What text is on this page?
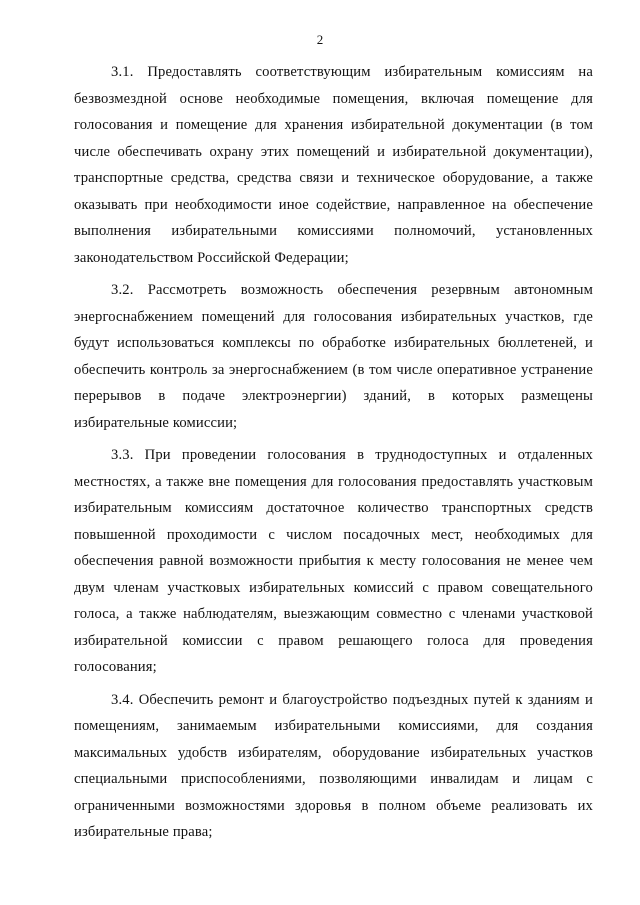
2

3.1. Предоставлять соответствующим избирательным комиссиям на безвозмездной основе необходимые помещения, включая помещение для голосования и помещение для хранения избирательной документации (в том числе обеспечивать охрану этих помещений и избирательной документации), транспортные средства, средства связи и техническое оборудование, а также оказывать при необходимости иное содействие, направленное на обеспечение выполнения избирательными комиссиями полномочий, установленных законодательством Российской Федерации;

3.2. Рассмотреть возможность обеспечения резервным автономным энергоснабжением помещений для голосования избирательных участков, где будут использоваться комплексы по обработке избирательных бюллетеней, и обеспечить контроль за энергоснабжением (в том числе оперативное устранение перерывов в подаче электроэнергии) зданий, в которых размещены избирательные комиссии;

3.3. При проведении голосования в труднодоступных и отдаленных местностях, а также вне помещения для голосования предоставлять участковым избирательным комиссиям достаточное количество транспортных средств повышенной проходимости с числом посадочных мест, необходимых для обеспечения равной возможности прибытия к месту голосования не менее чем двум членам участковых избирательных комиссий с правом совещательного голоса, а также наблюдателям, выезжающим совместно с членами участковой избирательной комиссии с правом решающего голоса для проведения голосования;

3.4. Обеспечить ремонт и благоустройство подъездных путей к зданиям и помещениям, занимаемым избирательными комиссиями, для создания максимальных удобств избирателям, оборудование избирательных участков специальными приспособлениями, позволяющими инвалидам и лицам с ограниченными возможностями здоровья в полном объеме реализовать их избирательные права;
